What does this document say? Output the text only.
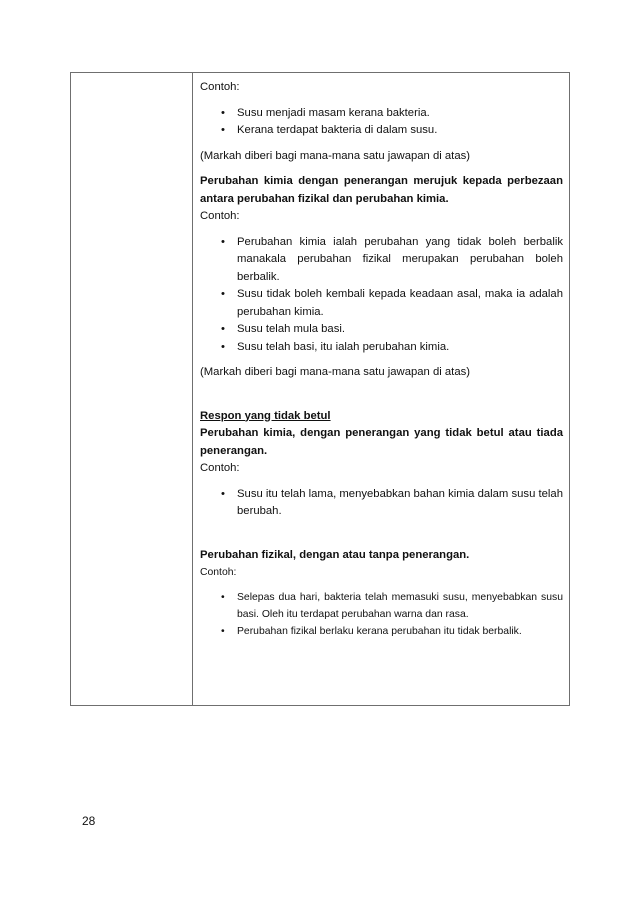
Contoh:

• Susu menjadi masam kerana bakteria.
• Kerana terdapat bakteria di dalam susu.

(Markah diberi bagi mana-mana satu jawapan di atas)

Perubahan kimia dengan penerangan merujuk kepada perbezaan antara perubahan fizikal dan perubahan kimia.

Contoh:

• Perubahan kimia ialah perubahan yang tidak boleh berbalik manakala perubahan fizikal merupakan perubahan boleh berbalik.
• Susu tidak boleh kembali kepada keadaan asal, maka ia adalah perubahan kimia.
• Susu telah mula basi.
• Susu telah basi, itu ialah perubahan kimia.

(Markah diberi bagi mana-mana satu jawapan di atas)

Respon yang tidak betul

Perubahan kimia, dengan penerangan yang tidak betul atau tiada penerangan.

Contoh:

• Susu itu telah lama, menyebabkan bahan kimia dalam susu telah berubah.

Perubahan fizikal, dengan atau tanpa penerangan.

Contoh:

• Selepas dua hari, bakteria telah memasuki susu, menyebabkan susu basi. Oleh itu terdapat perubahan warna dan rasa.
• Perubahan fizikal berlaku kerana perubahan itu tidak berbalik.
28
